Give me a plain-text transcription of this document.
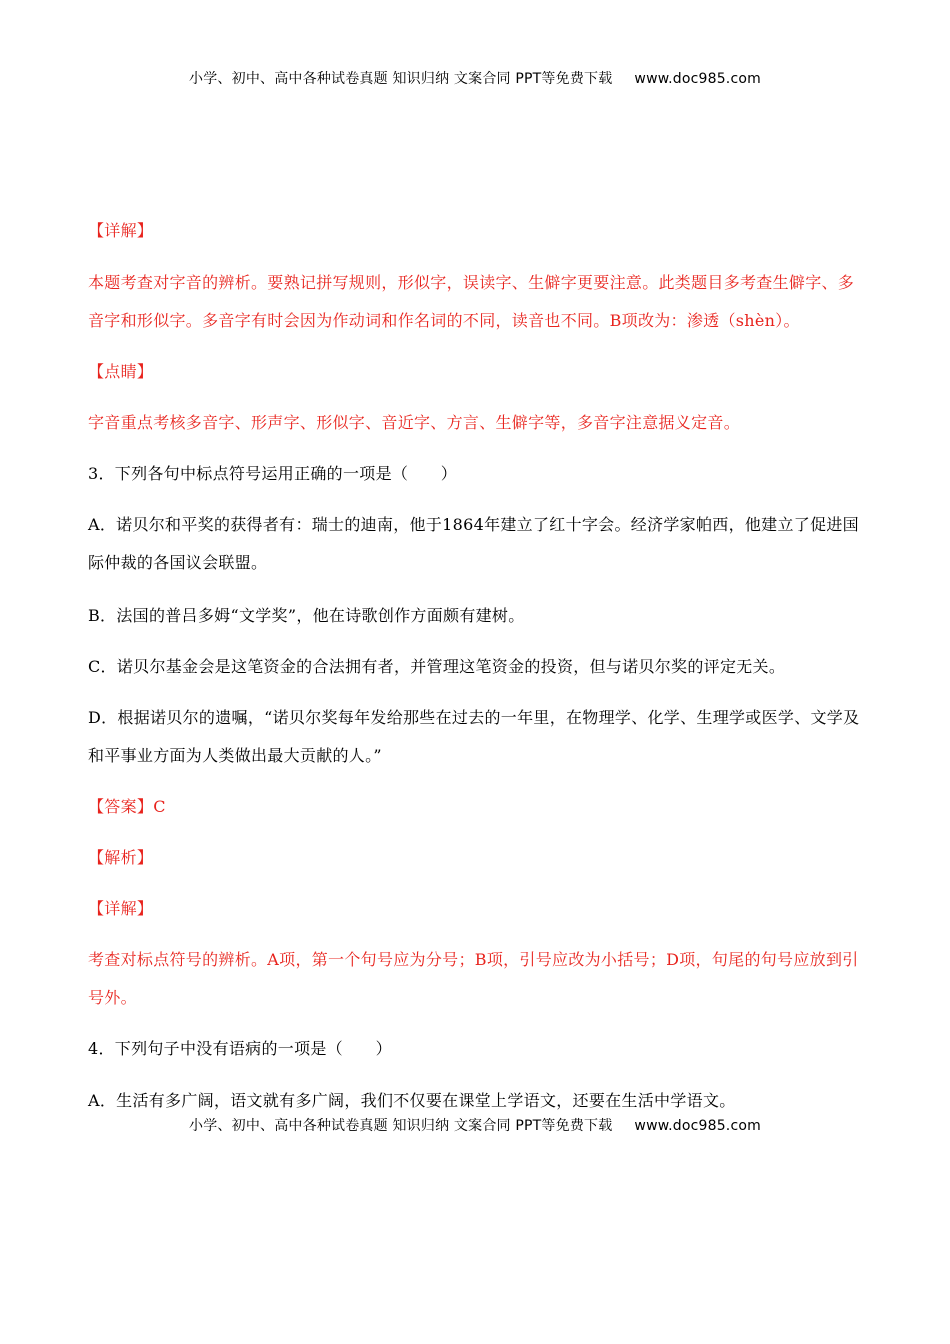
小学、初中、高中各种试卷真题 知识归纳 文案合同 PPT等免费下载 www.doc985.com

【详解】

本题考查对字音的辨析。要熟记拼写规则，形似字，误读字、生僻字更要注意。此类题目多考查生僻字、多音字和形似字。多音字有时会因为作动词和作名词的不同，读音也不同。B项改为：渗透（shèn）。

【点睛】

字音重点考核多音字、形声字、形似字、音近字、方言、生僻字等，多音字注意据义定音。

3．下列各句中标点符号运用正确的一项是（　　）

A．诺贝尔和平奖的获得者有：瑞士的迪南，他于1864年建立了红十字会。经济学家帕西，他建立了促进国际仲裁的各国议会联盟。

B．法国的普吕多姆“文学奖”，他在诗歌创作方面颇有建树。

C．诺贝尔基金会是这笔资金的合法拥有者，并管理这笔资金的投资，但与诺贝尔奖的评定无关。

D．根据诺贝尔的遗嘱，“诺贝尔奖每年发给那些在过去的一年里，在物理学、化学、生理学或医学、文学及和平事业方面为人类做出最大贡献的人。”

【答案】C

【解析】

【详解】

考查对标点符号的辨析。A项，第一个句号应为分号；B项，引号应改为小括号；D项，句尾的句号应放到引号外。

4．下列句子中没有语病的一项是（　　）

A．生活有多广阔，语文就有多广阔，我们不仅要在课堂上学语文，还要在生活中学语文。

小学、初中、高中各种试卷真题 知识归纳 文案合同 PPT等免费下载 www.doc985.com
